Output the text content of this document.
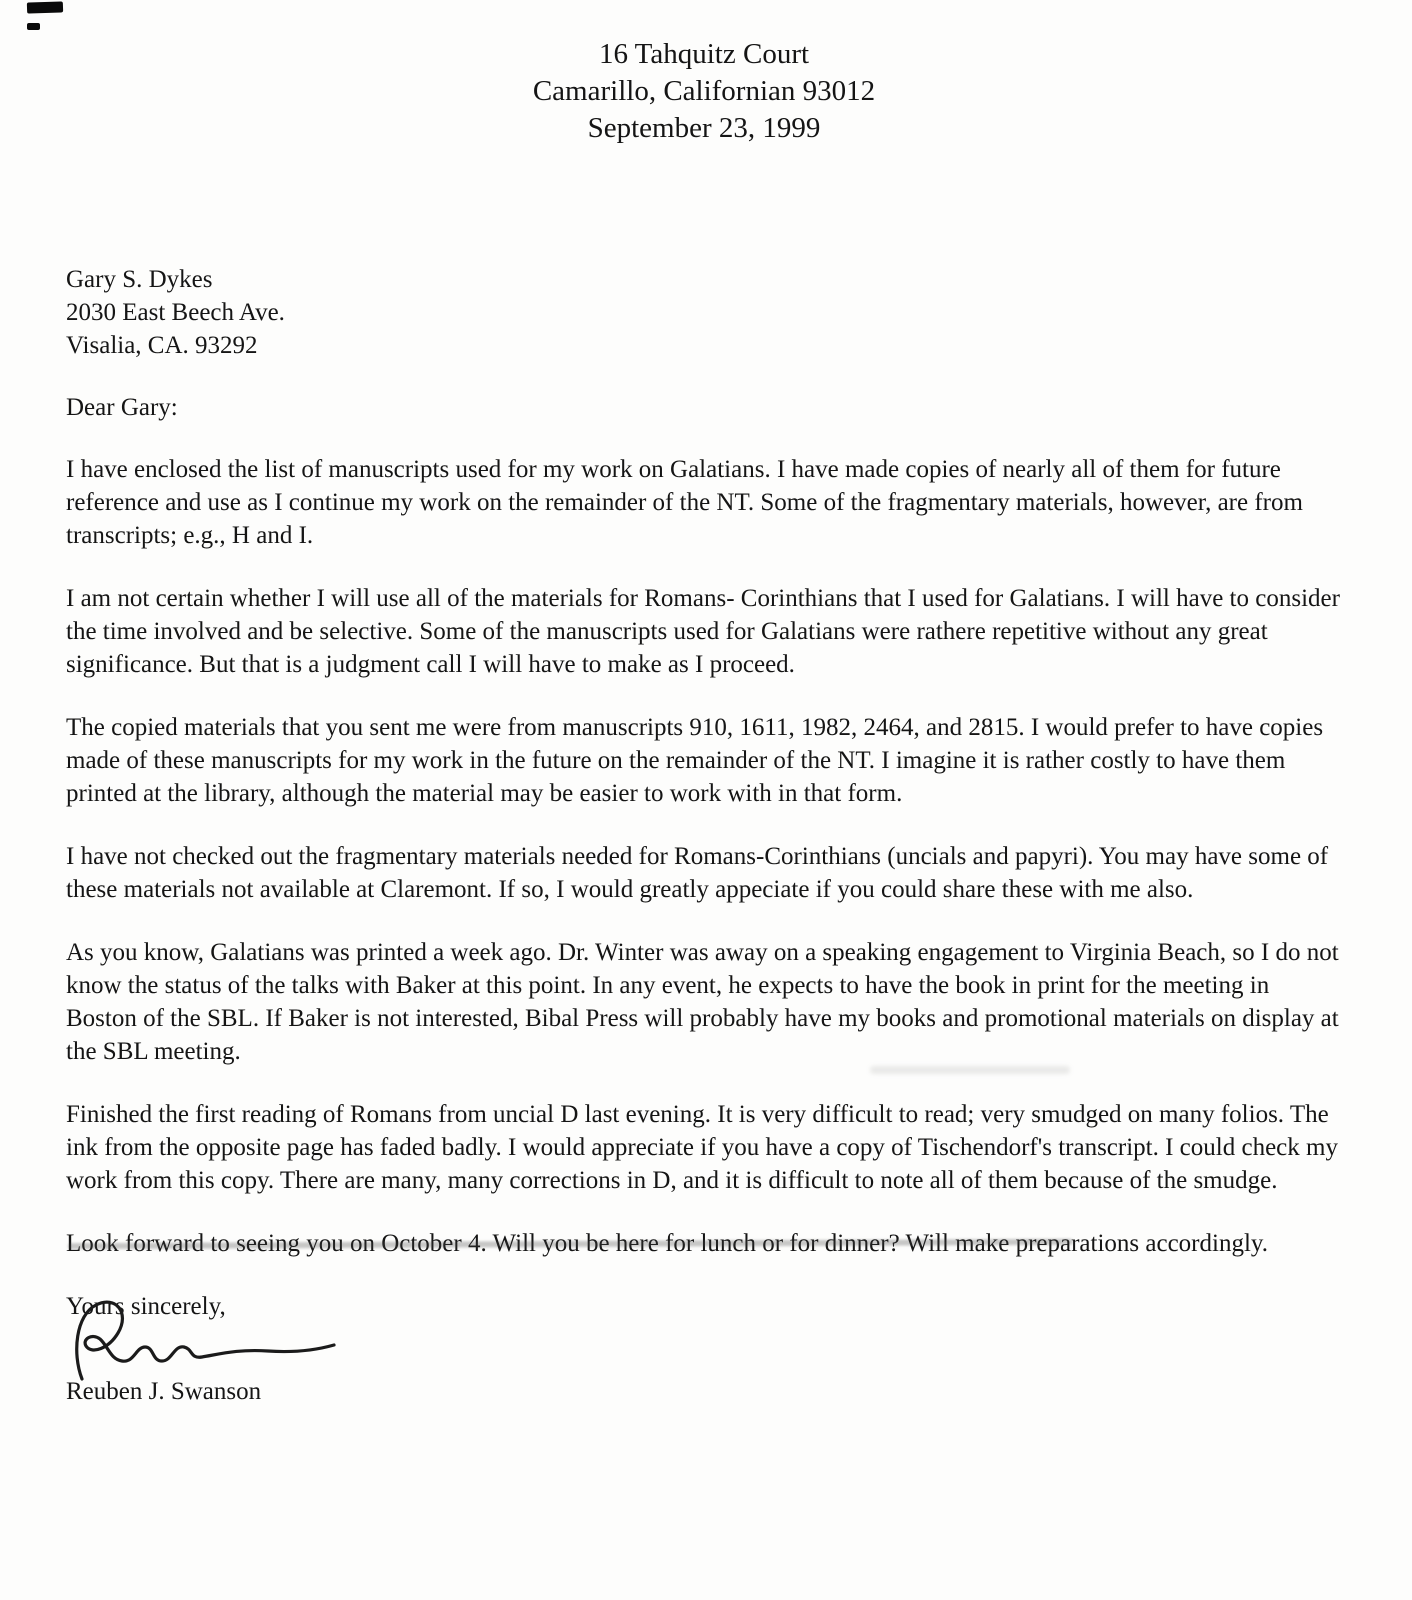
16 Tahquitz Court
Camarillo, Californian 93012
September 23, 1999
Gary S. Dykes
2030 East Beech Ave.
Visalia, CA. 93292

Dear Gary:

I have enclosed the list of manuscripts used for my work on Galatians. I have made copies of nearly all of them for future reference and use as I continue my work on the remainder of the NT. Some of the fragmentary materials, however, are from transcripts; e.g., H and I.

I am not certain whether I will use all of the materials for Romans- Corinthians that I used for Galatians. I will have to consider the time involved and be selective. Some of the manuscripts used for Galatians were rathere repetitive without any great significance. But that is a judgment call I will have to make as I proceed.

The copied materials that you sent me were from manuscripts 910, 1611, 1982, 2464, and 2815. I would prefer to have copies made of these manuscripts for my work in the future on the remainder of the NT. I imagine it is rather costly to have them printed at the library, although the material may be easier to work with in that form.

I have not checked out the fragmentary materials needed for Romans-Corinthians (uncials and papyri). You may have some of these materials not available at Claremont. If so, I would greatly appeciate if you could share these with me also.

As you know, Galatians was printed a week ago. Dr. Winter was away on a speaking engagement to Virginia Beach, so I do not know the status of the talks with Baker at this point. In any event, he expects to have the book in print for the meeting in Boston of the SBL. If Baker is not interested, Bibal Press will probably have my books and promotional materials on display at the SBL meeting.

Finished the first reading of Romans from uncial D last evening. It is very difficult to read; very smudged on many folios. The ink from the opposite page has faded badly. I would appreciate if you have a copy of Tischendorf's transcript. I could check my work from this copy. There are many, many corrections in D, and it is difficult to note all of them because of the smudge.

Look forward to seeing you on October 4. Will you be here for lunch or for dinner? Will make preparations accordingly.

Yours sincerely,

Reuben J. Swanson
